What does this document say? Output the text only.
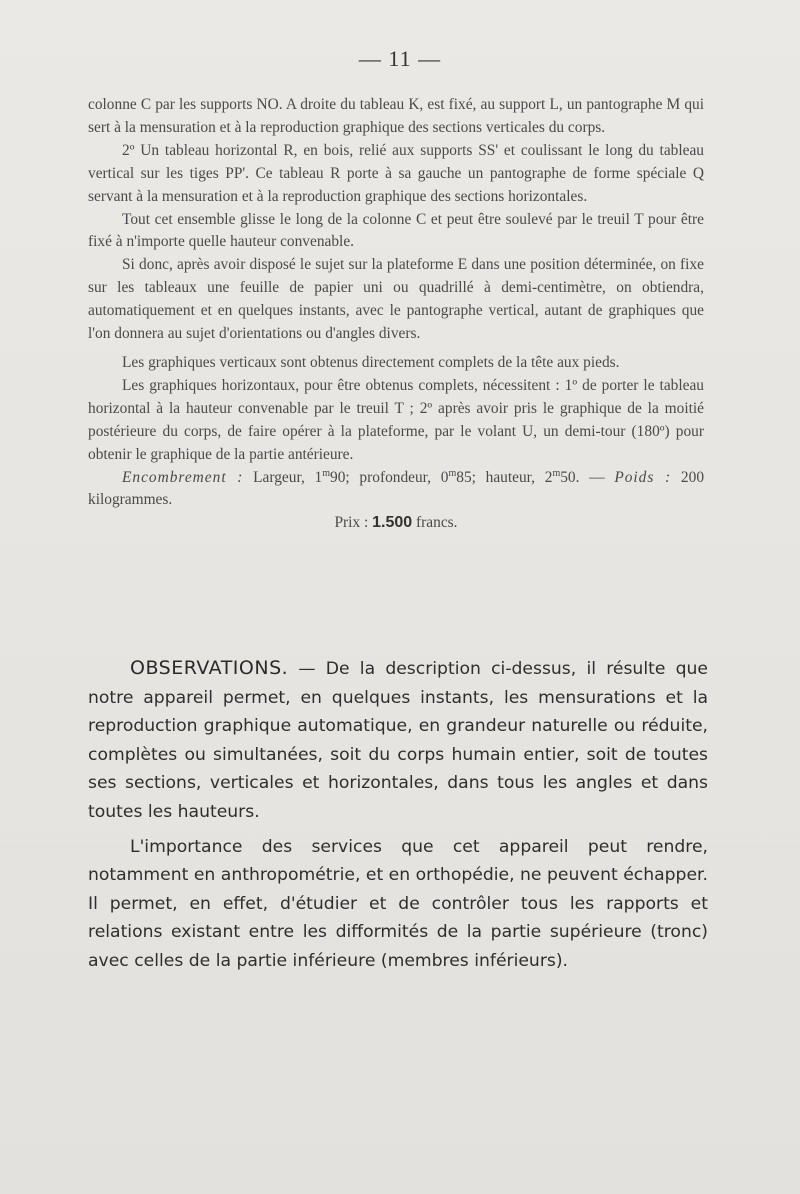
— 11 —

colonne C par les supports NO. A droite du tableau K, est fixé, au support L, un pantographe M qui sert à la mensuration et à la reproduction graphique des sections verticales du corps.

2º Un tableau horizontal R, en bois, relié aux supports SS' et coulissant le long du tableau vertical sur les tiges PP'. Ce tableau R porte à sa gauche un pantographe de forme spéciale Q servant à la mensuration et à la reproduction graphique des sections horizontales.

Tout cet ensemble glisse le long de la colonne C et peut être soulevé par le treuil T pour être fixé à n'importe quelle hauteur convenable.

Si donc, après avoir disposé le sujet sur la plateforme E dans une position déterminée, on fixe sur les tableaux une feuille de papier uni ou quadrillé à demi-centimètre, on obtiendra, automatiquement et en quelques instants, avec le pantographe vertical, autant de graphiques que l'on donnera au sujet d'orientations ou d'angles divers.

Les graphiques verticaux sont obtenus directement complets de la tête aux pieds.

Les graphiques horizontaux, pour être obtenus complets, nécessitent : 1º de porter le tableau horizontal à la hauteur convenable par le treuil T ; 2º après avoir pris le graphique de la moitié postérieure du corps, de faire opérer à la plateforme, par le volant U, un demi-tour (180º) pour obtenir le graphique de la partie antérieure.

Encombrement : Largeur, 1$^m$90; profondeur, 0$^m$85; hauteur, 2$^m$50. — Poids : 200 kilogrammes.

Prix : 1.500 francs.

OBSERVATIONS. — De la description ci-dessus, il résulte que notre appareil permet, en quelques instants, les mensurations et la reproduction graphique automatique, en grandeur naturelle ou réduite, complètes ou simultanées, soit du corps humain entier, soit de toutes ses sections, verticales et horizontales, dans tous les angles et dans toutes les hauteurs.

L'importance des services que cet appareil peut rendre, notamment en anthropométrie, et en orthopédie, ne peuvent échapper. Il permet, en effet, d'étudier et de contrôler tous les rapports et relations existant entre les difformités de la partie supérieure (tronc) avec celles de la partie inférieure (membres inférieurs).
